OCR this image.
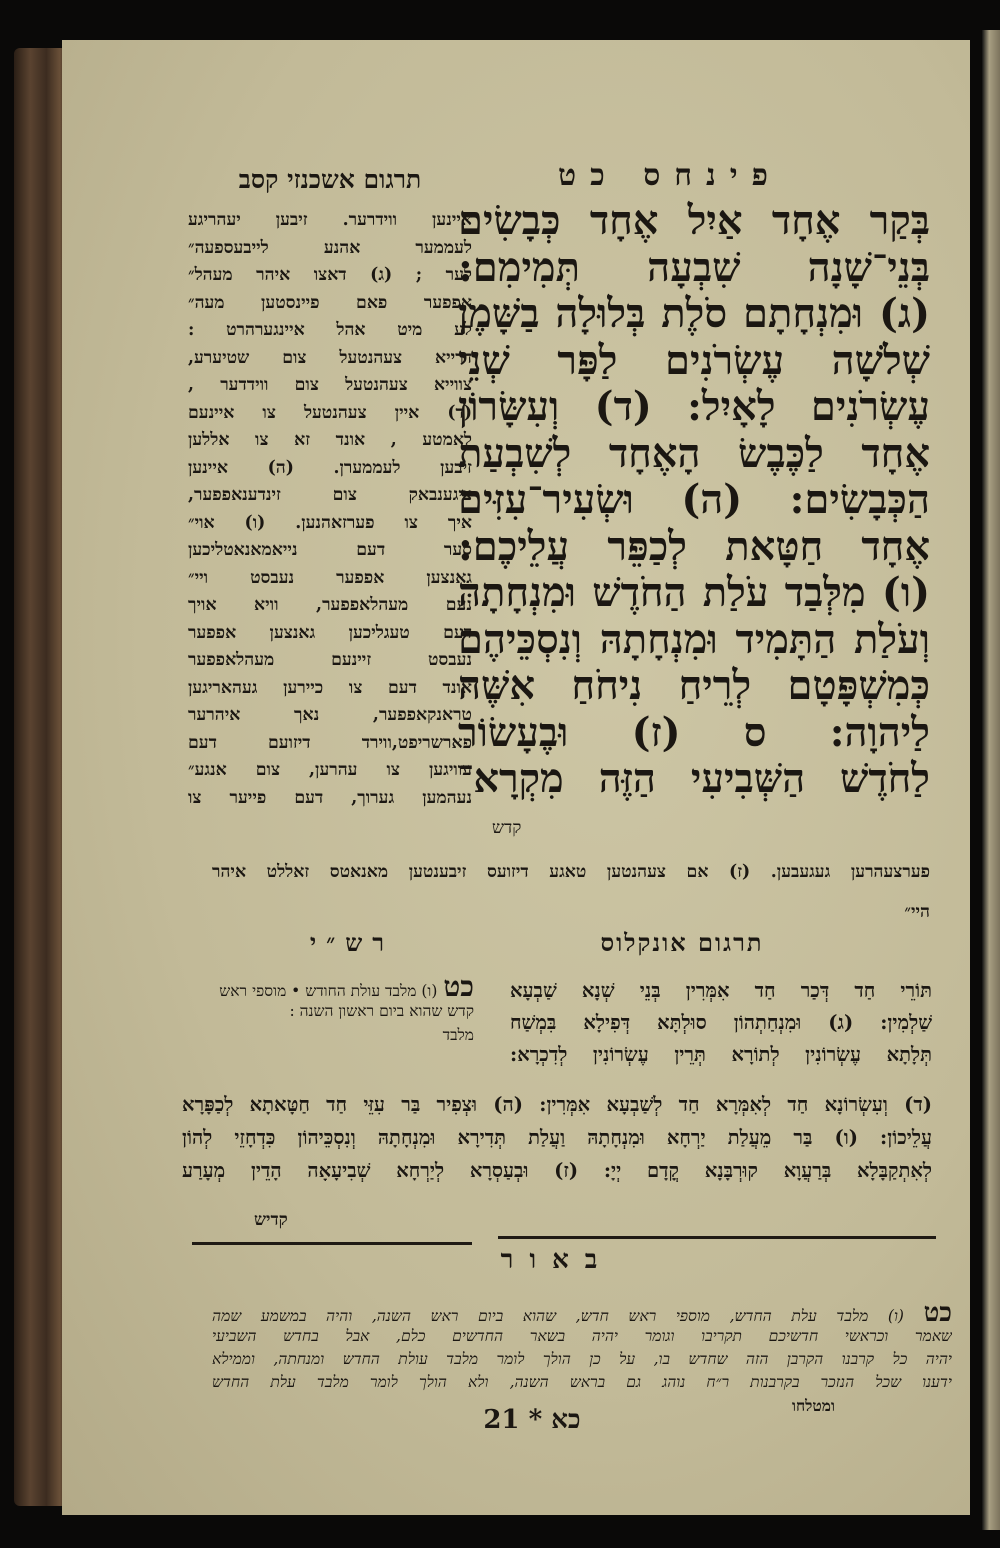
פינחס כט
תרגום אשכנזי קסב
בְּקַר אֶחָד אַיִל אֶחָד כְּבָשִׂים
בְּנֵי־שָׁנָה שִׁבְעָה תְּמִימִם:
(ג) וּמִנְחָתָם סֹלֶת בְּלוּלָה בַשָּׁמֶן
שְׁלֹשָׁה עֶשְׂרֹנִים לַפָּר שְׁנֵי
עֶשְׂרֹנִים לָאָיִל: (ד) וְעִשָּׂרוֹן
אֶחָד לַכֶּבֶשׂ הָאֶחָד לְשִׁבְעַת
הַכְּבָשִׂים: (ה) וּשְׂעִיר־עִזִּים
אֶחָד חַטָּאת לְכַפֵּר עֲלֵיכֶם:
(ו) מִלְּבַד עֹלַת הַחֹדֶשׁ וּמִנְחָתָהּ
וְעֹלַת הַתָּמִיד וּמִנְחָתָהּ וְנִסְכֵּיהֶם
כְּמִשְׁפָּטָם לְרֵיחַ נִיחֹחַ אִשֶּׁה
לַיהוָה: ס (ז) וּבֶעָשׂוֹר
לַחֹדֶשׁ הַשְּׁבִיעִי הַזֶּה מִקְרָא־
קדש
איינען ווידרער. זיבען יעהריגע
לעממער אהנע לייבעספעה״
לער ; (ג) דאצו איהר מעהל״
אפפער פאם פיינסטען מעה״
לע מיט אהל איינגערהרט :
דרייא צעהנטעל צום שטיערע,
צווייא צעהנטעל צום ווידדער ,
(ד) איין צעהנטעל צו איינעם
לאמטע , אונד זא צו אללען
זיבען לעממערן. (ה) איינען
ציגענבאק צום זינדענאפפער,
איך צו פערזאהנען. (ו) אוי״
סער דעם נייאמאנאטליכען
גאנצען אפפער נעבסט ויי״
נעם מעהלאפפער, וויא אויך
דעם טעגליכען גאנצען אפפער
נעבסט זיינעם מעהלאפפער
אונד דעם צו כיירען געהאריגען
טראנקאפפער, נאך איהרער
פארשריפט,ווירד דיזועם דעם
עוויגען צו עהרען, צום אנגע״
נעהמען גערוך, דעם פייער צו
פערצעהרען געגעבען. (ז) אם צעהנטען טאגע דיזועס זיבענטען מאנאטס זאללט איהר
היי״
תרגום אונקלוס
רש״י
תּוֹרֵי חַד דְּכַר חַד אִמְּרִין בְּנֵי שְׁנָא שַׁבְעָא
שַׁלְמִין: (ג) וּמִנְחַתְהוֹן סוּלְתָּא דְּפִילָא בִּמְשַׁח
תְּלָתָא עֶשְׂרוֹנִין לְתוֹרָא תְּרֵין עֶשְׂרוֹנִין לְדִכְרָא:
כט(ו) מלבד עולת החודש • מוספי ראש
קדש שהוא ביום ראשון השנה :
מלבד
(ד) וְעִשְׂרוֹנָא חַד לְאִמְּרָא חַד לְשַׁבְעָא אִמְּרִין: (ה) וּצְפִיר בַּר עִזֵּי חַד חַטָּאתָא לְכַפָּרָא
עֲלֵיכוֹן: (ו) בַּר מֵעֲלַת יַרְחָא וּמִנְחָתָהּ וַעֲלַת תְּדִירָא וּמִנְחָתָהּ וְנִסְכֵּיהוֹן כִּדְחָזֵי לְהוֹן
לְאִתְקַבָּלָא בְּרַעֲוָא קוּרְבָּנָא קֳדָם יְיָ: (ז) וּבְעַסְרָא לְיַרְחָא שְׁבִיעָאָה הָדֵין מְעָרַע
קדיש
באור
כט (ו) מלבד עלת החדש, מוספי ראש חדש, שהוא ביום ראש השנה, והיה במשמע שמה
שאמר וכראשי חדשיכם תקריבו וגומר יהיה בשאר החדשים כלם, אבל בחדש השביעי
יהיה כל קרבנו הקרבן הזה שחדש בו, על כן הולך לומר מלבד עולת החדש ומנחתה, וממילא
ידענו שכל הנזכר בקרבנות ר״ח נוהג גם בראש השנה, ולא הולך לומר מלבד עלת החדש
ומטלחו
כא * 21
